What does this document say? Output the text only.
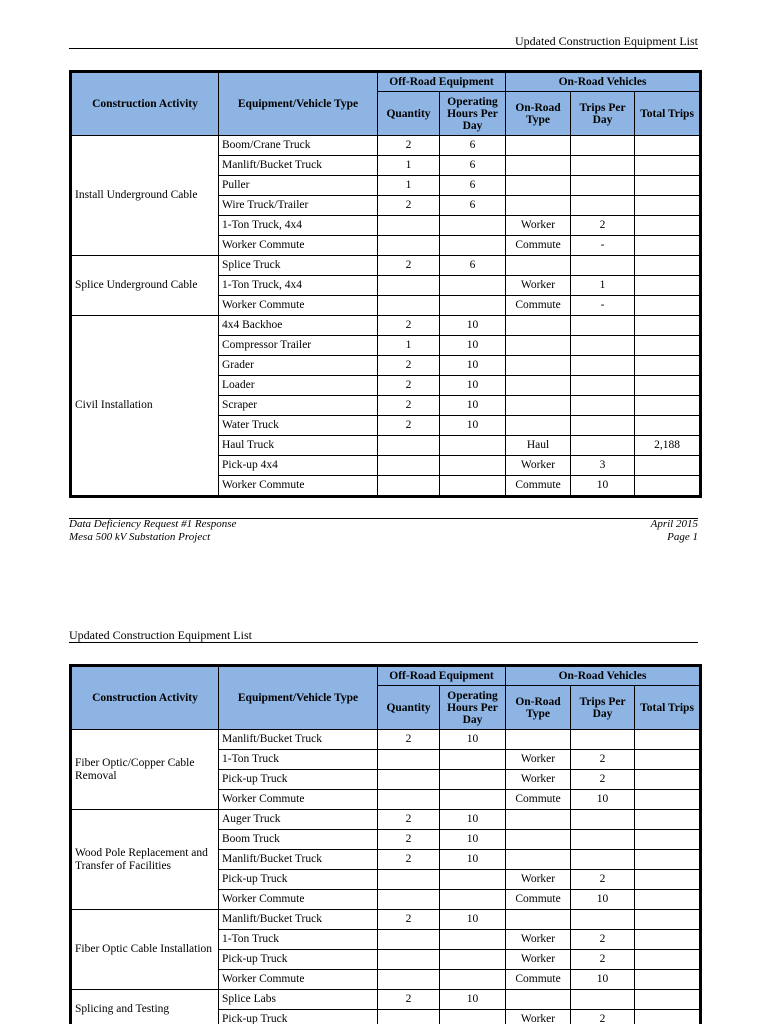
Updated Construction Equipment List
Construction Activity	Equipment/Vehicle Type	Off-Road Equipment		On-Road Vehicles		
		Quantity	Operating Hours Per Day	On-Road Type	Trips Per Day	Total Trips
Install Underground Cable	Boom/Crane Truck	2	6			
	Manlift/Bucket Truck	1	6			
	Puller	1	6			
	Wire Truck/Trailer	2	6			
	1-Ton Truck, 4x4			Worker	2	
	Worker Commute			Commute	-	
Splice Underground Cable	Splice Truck	2	6			
	1-Ton Truck, 4x4			Worker	1	
	Worker Commute			Commute	-	
Civil Installation	4x4 Backhoe	2	10			
	Compressor Trailer	1	10			
	Grader	2	10			
	Loader	2	10			
	Scraper	2	10			
	Water Truck	2	10			
	Haul Truck			Haul		2,188
	Pick-up 4x4			Worker	3	
	Worker Commute			Commute	10	
Data Deficiency Request #1 Response
Mesa 500 kV Substation Project
April 2015
Page 1
Updated Construction Equipment List
Construction Activity	Equipment/Vehicle Type	Off-Road Equipment		On-Road Vehicles		
		Quantity	Operating Hours Per Day	On-Road Type	Trips Per Day	Total Trips
Fiber Optic/Copper Cable Removal	Manlift/Bucket Truck	2	10			
	1-Ton Truck			Worker	2	
	Pick-up Truck			Worker	2	
	Worker Commute			Commute	10	
Wood Pole Replacement and Transfer of Facilities	Auger Truck	2	10			
	Boom Truck	2	10			
	Manlift/Bucket Truck	2	10			
	Pick-up Truck			Worker	2	
	Worker Commute			Commute	10	
Fiber Optic Cable Installation	Manlift/Bucket Truck	2	10			
	1-Ton Truck			Worker	2	
	Pick-up Truck			Worker	2	
	Worker Commute			Commute	10	
Splicing and Testing	Splice Labs	2	10			
	Pick-up Truck			Worker	2	
